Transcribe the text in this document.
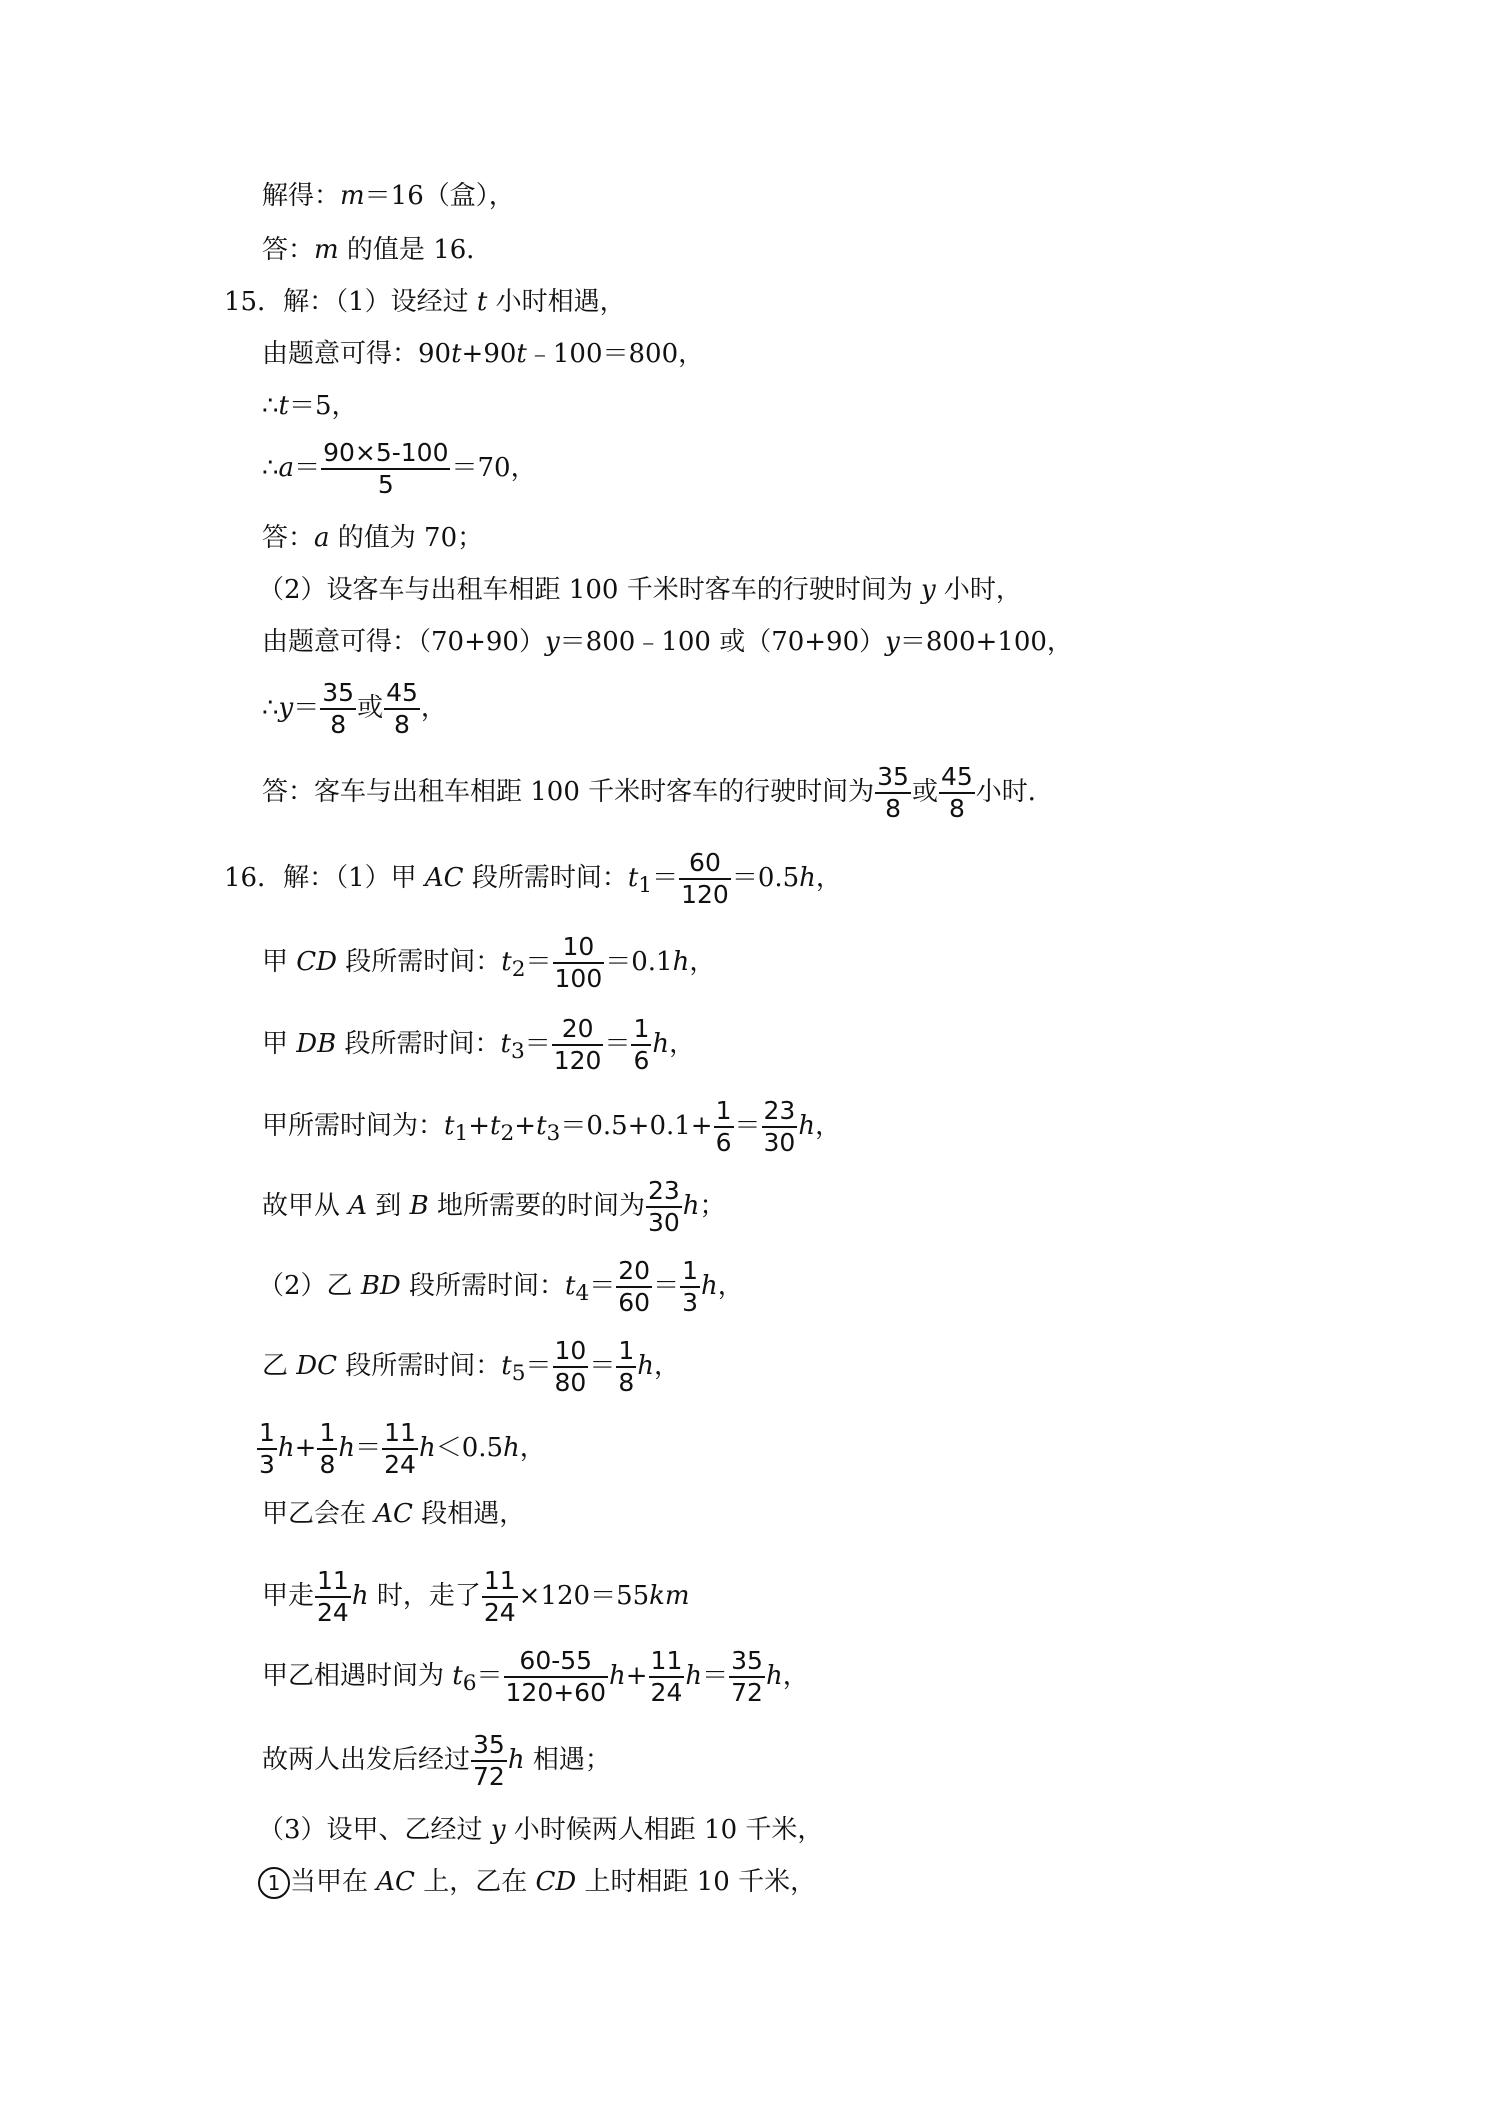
解得：m＝16（盒），
答：m 的值是 16．
15．解：（1）设经过 t 小时相遇，
由题意可得：90t+90t﹣100＝800，
∴t＝5，
∴a＝ $\frac{90\times 5-100}{5} =70$，
答：a 的值为 70；
（2）设客车与出租车相距 100 千米时客车的行驶时间为 y 小时，
由题意可得：（70+90）y＝800﹣100 或（70+90）y＝800+100，
∴y＝ $\frac{35}{8}$ 或 $\frac{45}{8}$ ，
答：客车与出租车相距 100 千米时客车的行驶时间为 $\frac{35}{8}$ 或 $\frac{45}{8}$ 小时．
16．解：（1）甲 AC 段所需时间：$t_1= \frac{60}{120} =0.5h$，
甲 CD 段所需时间：$t_2= \frac{10}{100} =0.1h$，
甲 DB 段所需时间：$t_3= \frac{20}{120} = \frac{1}{6}$ h，
甲所需时间为：$t_1+t_2+t_3=0.5+0.1+ \frac{1}{6} = \frac{23}{30}$ h，
故甲从 A 到 B 地所需要的时间为 $\frac{23}{30}$ h；
（2）乙 BD 段所需时间：$t_4= \frac{20}{60} = \frac{1}{3}$ h，
乙 DC 段所需时间：$t_5= \frac{10}{80} = \frac{1}{8}$ h，
$\frac{1}{3} h+ \frac{1}{8} h= \frac{11}{24} h<0.5h$，
甲乙会在 AC 段相遇，
甲走 $\frac{11}{24}$ h 时，走了 $\frac{11}{24} \times 120=55km$
甲乙相遇时间为 $t_6= \frac{60-55}{120+60} h+ \frac{11}{24} h= \frac{35}{72}$ h，
故两人出发后经过 $\frac{35}{72}$ h 相遇；
（3）设甲、乙经过 y 小时候两人相距 10 千米，
1 当甲在 AC 上，乙在 CD 上时相距 10 千米，
